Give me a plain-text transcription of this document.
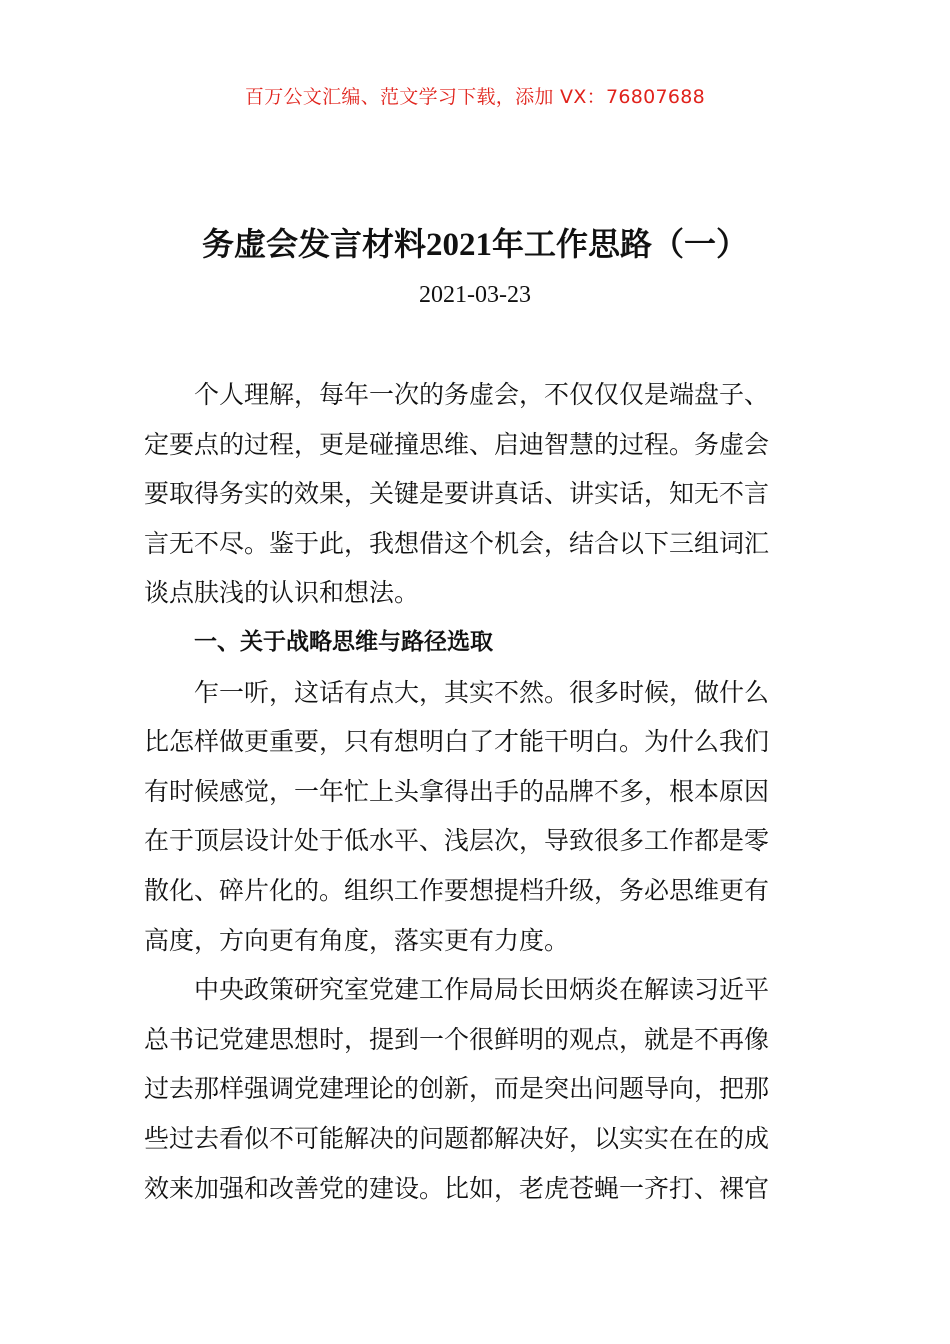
百万公文汇编、范文学习下载，添加 VX：76807688
务虚会发言材料2021年工作思路（一）
2021-03-23

个人理解，每年一次的务虚会，不仅仅仅是端盘子、
定要点的过程，更是碰撞思维、启迪智慧的过程。务虚会
要取得务实的效果，关键是要讲真话、讲实话，知无不言
言无不尽。鉴于此，我想借这个机会，结合以下三组词汇
谈点肤浅的认识和想法。

一、关于战略思维与路径选取

乍一听，这话有点大，其实不然。很多时候，做什么
比怎样做更重要，只有想明白了才能干明白。为什么我们
有时候感觉，一年忙上头拿得出手的品牌不多，根本原因
在于顶层设计处于低水平、浅层次，导致很多工作都是零
散化、碎片化的。组织工作要想提档升级，务必思维更有
高度，方向更有角度，落实更有力度。

中央政策研究室党建工作局局长田炳炎在解读习近平
总书记党建思想时，提到一个很鲜明的观点，就是不再像
过去那样强调党建理论的创新，而是突出问题导向，把那
些过去看似不可能解决的问题都解决好，以实实在在的成
效来加强和改善党的建设。比如，老虎苍蝇一齐打、裸官
